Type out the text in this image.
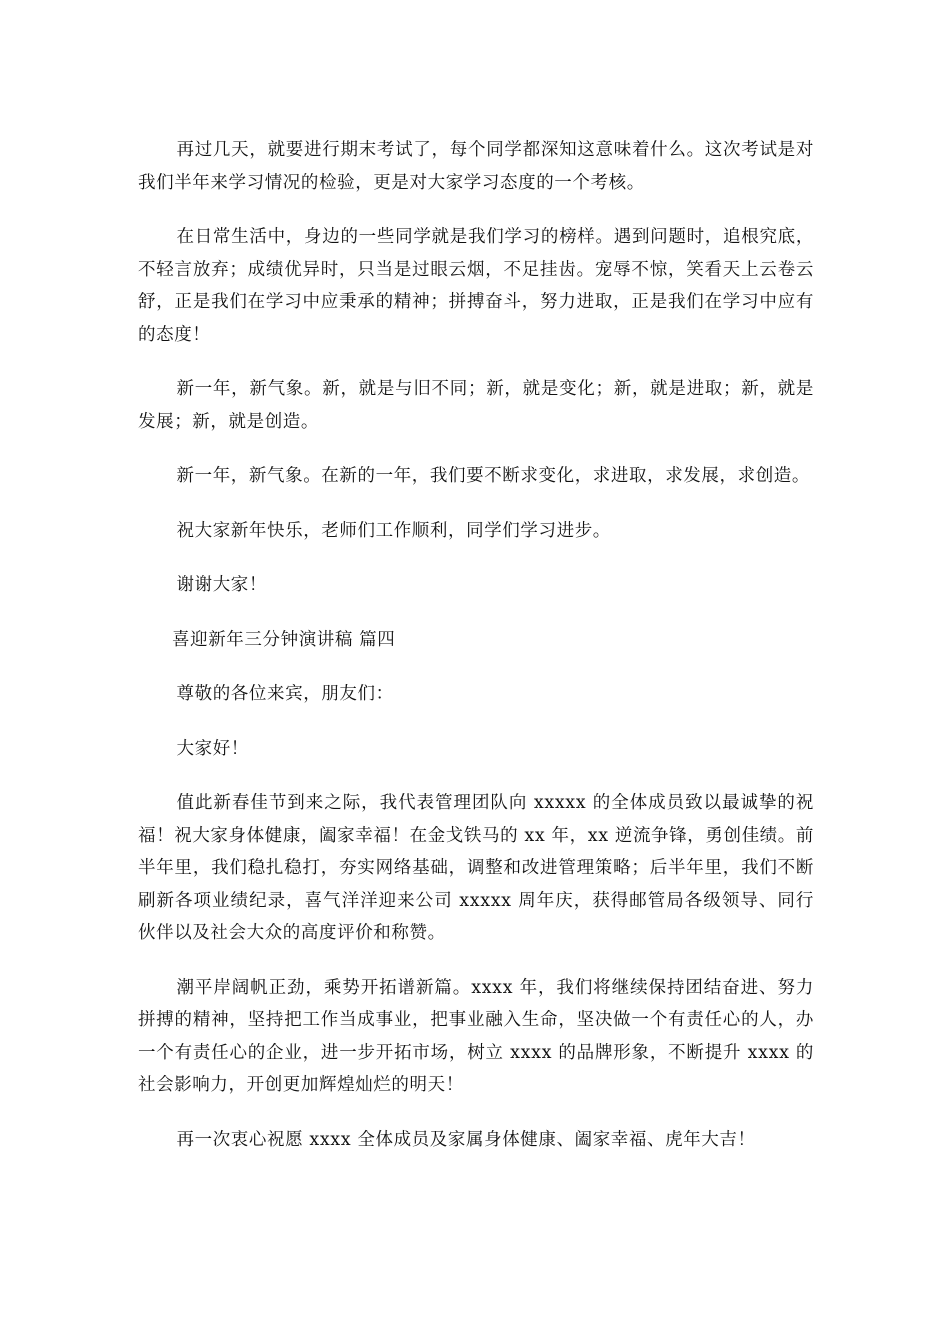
再过几天，就要进行期末考试了，每个同学都深知这意味着什么。这次考试是对我们半年来学习情况的检验，更是对大家学习态度的一个考核。

在日常生活中，身边的一些同学就是我们学习的榜样。遇到问题时，追根究底，不轻言放弃；成绩优异时，只当是过眼云烟，不足挂齿。宠辱不惊，笑看天上云卷云舒，正是我们在学习中应秉承的精神；拼搏奋斗，努力进取，正是我们在学习中应有的态度！

新一年，新气象。新，就是与旧不同；新，就是变化；新，就是进取；新，就是发展；新，就是创造。

新一年，新气象。在新的一年，我们要不断求变化，求进取，求发展，求创造。

祝大家新年快乐，老师们工作顺利，同学们学习进步。

谢谢大家！

喜迎新年三分钟演讲稿 篇四

尊敬的各位来宾，朋友们：

大家好！

值此新春佳节到来之际，我代表管理团队向 xxxxx 的全体成员致以最诚挚的祝福！祝大家身体健康，阖家幸福！在金戈铁马的 xx 年，xx 逆流争锋，勇创佳绩。前半年里，我们稳扎稳打，夯实网络基础，调整和改进管理策略；后半年里，我们不断刷新各项业绩纪录，喜气洋洋迎来公司 xxxxx 周年庆，获得邮管局各级领导、同行伙伴以及社会大众的高度评价和称赞。

潮平岸阔帆正劲，乘势开拓谱新篇。xxxx 年，我们将继续保持团结奋进、努力拼搏的精神，坚持把工作当成事业，把事业融入生命，坚决做一个有责任心的人，办一个有责任心的企业，进一步开拓市场，树立 xxxx 的品牌形象，不断提升 xxxx 的社会影响力，开创更加辉煌灿烂的明天！

再一次衷心祝愿 xxxx 全体成员及家属身体健康、阖家幸福、虎年大吉！
